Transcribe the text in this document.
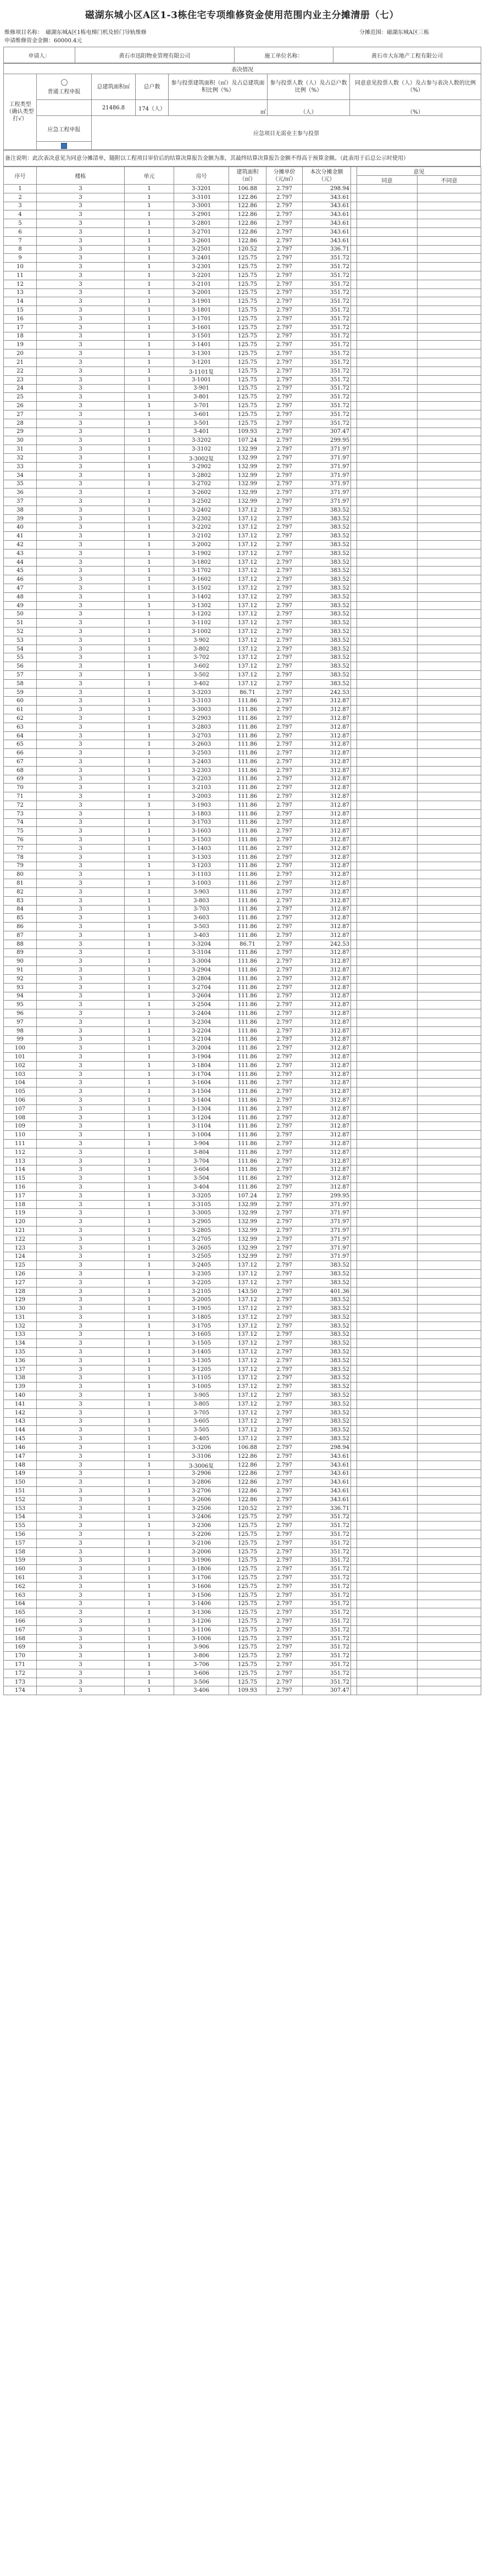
磁湖东城小区A区1-3栋住宅专项维修资金使用范围内业主分摊清册（七）
维修项目名称：　磁湖东城A区1栋电梯门机及轿门导轨维修	分摊范围：磁湖东城A区三栋
申请维修资金金额：60000.4元
申请人：	黄石市迅阳物业管理有限公司	施工单位名称：	黄石市大东地产工程有限公司
表决情况						
工程类型（确认类型打√）	普通工程申报	总建筑面积㎡	总户数	参与投票建筑面积（㎡）及占总建筑面积比例（%）	参与投票人数（人）及占总户数比例（%）	同意意见投票人数（人）及占参与表决人数的比例（%）
		21486.8	174（人）	㎡	（人）	（%）
	应急工程申报	应急项目无需业主参与投票				

备注说明：此次表决意见为同意分摊清单，随附以工程项目审价后的结算决算报告金额为准，其最终结算决算报告金额不得高于预算金额。（此表用于后总公示时使用）
序号	楼栋	单元	房号	建筑面积（㎡）	分摊单价（元/㎡）	本次分摊金额（元）		意见	
								同意	不同意
1	3	1	3-3201	106.88	2.797	298.94			
2	3	1	3-3101	122.86	2.797	343.61			
3	3	1	3-3001	122.86	2.797	343.61			
4	3	1	3-2901	122.86	2.797	343.61			
5	3	1	3-2801	122.86	2.797	343.61			
6	3	1	3-2701	122.86	2.797	343.61			
7	3	1	3-2601	122.86	2.797	343.61			
8	3	1	3-2501	120.52	2.797	336.71			
9	3	1	3-2401	125.75	2.797	351.72			
10	3	1	3-2301	125.75	2.797	351.72			
11	3	1	3-2201	125.75	2.797	351.72			
12	3	1	3-2101	125.75	2.797	351.72			
13	3	1	3-2001	125.75	2.797	351.72			
14	3	1	3-1901	125.75	2.797	351.72			
15	3	1	3-1801	125.75	2.797	351.72			
16	3	1	3-1701	125.75	2.797	351.72			
17	3	1	3-1601	125.75	2.797	351.72			
18	3	1	3-1501	125.75	2.797	351.72			
19	3	1	3-1401	125.75	2.797	351.72			
20	3	1	3-1301	125.75	2.797	351.72			
21	3	1	3-1201	125.75	2.797	351.72			
22	3	1	3-1101复	125.75	2.797	351.72			
23	3	1	3-1001	125.75	2.797	351.72			
24	3	1	3-901	125.75	2.797	351.72			
25	3	1	3-801	125.75	2.797	351.72			
26	3	1	3-701	125.75	2.797	351.72			
27	3	1	3-601	125.75	2.797	351.72			
28	3	1	3-501	125.75	2.797	351.72			
29	3	1	3-401	109.93	2.797	307.47			
30	3	1	3-3202	107.24	2.797	299.95			
31	3	1	3-3102	132.99	2.797	371.97			
32	3	1	3-3002复	132.99	2.797	371.97			
33	3	1	3-2902	132.99	2.797	371.97			
34	3	1	3-2802	132.99	2.797	371.97			
35	3	1	3-2702	132.99	2.797	371.97			
36	3	1	3-2602	132.99	2.797	371.97			
37	3	1	3-2502	132.99	2.797	371.97			
38	3	1	3-2402	137.12	2.797	383.52			
39	3	1	3-2302	137.12	2.797	383.52			
40	3	1	3-2202	137.12	2.797	383.52			
41	3	1	3-2102	137.12	2.797	383.52			
42	3	1	3-2002	137.12	2.797	383.52			
43	3	1	3-1902	137.12	2.797	383.52			
44	3	1	3-1802	137.12	2.797	383.52			
45	3	1	3-1702	137.12	2.797	383.52			
46	3	1	3-1602	137.12	2.797	383.52			
47	3	1	3-1502	137.12	2.797	383.52			
48	3	1	3-1402	137.12	2.797	383.52			
49	3	1	3-1302	137.12	2.797	383.52			
50	3	1	3-1202	137.12	2.797	383.52			
51	3	1	3-1102	137.12	2.797	383.52			
52	3	1	3-1002	137.12	2.797	383.52			
53	3	1	3-902	137.12	2.797	383.52			
54	3	1	3-802	137.12	2.797	383.52			
55	3	1	3-702	137.12	2.797	383.52			
56	3	1	3-602	137.12	2.797	383.52			
57	3	1	3-502	137.12	2.797	383.52			
58	3	1	3-402	137.12	2.797	383.52			
59	3	1	3-3203	86.71	2.797	242.53			
60	3	1	3-3103	111.86	2.797	312.87			
61	3	1	3-3003	111.86	2.797	312.87			
62	3	1	3-2903	111.86	2.797	312.87			
63	3	1	3-2803	111.86	2.797	312.87			
64	3	1	3-2703	111.86	2.797	312.87			
65	3	1	3-2603	111.86	2.797	312.87			
66	3	1	3-2503	111.86	2.797	312.87			
67	3	1	3-2403	111.86	2.797	312.87			
68	3	1	3-2303	111.86	2.797	312.87			
69	3	1	3-2203	111.86	2.797	312.87			
70	3	1	3-2103	111.86	2.797	312.87			
71	3	1	3-2003	111.86	2.797	312.87			
72	3	1	3-1903	111.86	2.797	312.87			
73	3	1	3-1803	111.86	2.797	312.87			
74	3	1	3-1703	111.86	2.797	312.87			
75	3	1	3-1603	111.86	2.797	312.87			
76	3	1	3-1503	111.86	2.797	312.87			
77	3	1	3-1403	111.86	2.797	312.87			
78	3	1	3-1303	111.86	2.797	312.87			
79	3	1	3-1203	111.86	2.797	312.87			
80	3	1	3-1103	111.86	2.797	312.87			
81	3	1	3-1003	111.86	2.797	312.87			
82	3	1	3-903	111.86	2.797	312.87			
83	3	1	3-803	111.86	2.797	312.87			
84	3	1	3-703	111.86	2.797	312.87			
85	3	1	3-603	111.86	2.797	312.87			
86	3	1	3-503	111.86	2.797	312.87			
87	3	1	3-403	111.86	2.797	312.87			
88	3	1	3-3204	86.71	2.797	242.53			
89	3	1	3-3104	111.86	2.797	312.87			
90	3	1	3-3004	111.86	2.797	312.87			
91	3	1	3-2904	111.86	2.797	312.87			
92	3	1	3-2804	111.86	2.797	312.87			
93	3	1	3-2704	111.86	2.797	312.87			
94	3	1	3-2604	111.86	2.797	312.87			
95	3	1	3-2504	111.86	2.797	312.87			
96	3	1	3-2404	111.86	2.797	312.87			
97	3	1	3-2304	111.86	2.797	312.87			
98	3	1	3-2204	111.86	2.797	312.87			
99	3	1	3-2104	111.86	2.797	312.87			
100	3	1	3-2004	111.86	2.797	312.87			
101	3	1	3-1904	111.86	2.797	312.87			
102	3	1	3-1804	111.86	2.797	312.87			
103	3	1	3-1704	111.86	2.797	312.87			
104	3	1	3-1604	111.86	2.797	312.87			
105	3	1	3-1504	111.86	2.797	312.87			
106	3	1	3-1404	111.86	2.797	312.87			
107	3	1	3-1304	111.86	2.797	312.87			
108	3	1	3-1204	111.86	2.797	312.87			
109	3	1	3-1104	111.86	2.797	312.87			
110	3	1	3-1004	111.86	2.797	312.87			
111	3	1	3-904	111.86	2.797	312.87			
112	3	1	3-804	111.86	2.797	312.87			
113	3	1	3-704	111.86	2.797	312.87			
114	3	1	3-604	111.86	2.797	312.87			
115	3	1	3-504	111.86	2.797	312.87			
116	3	1	3-404	111.86	2.797	312.87			
117	3	1	3-3205	107.24	2.797	299.95			
118	3	1	3-3105	132.99	2.797	371.97			
119	3	1	3-3005	132.99	2.797	371.97			
120	3	1	3-2905	132.99	2.797	371.97			
121	3	1	3-2805	132.99	2.797	371.97			
122	3	1	3-2705	132.99	2.797	371.97			
123	3	1	3-2605	132.99	2.797	371.97			
124	3	1	3-2505	132.99	2.797	371.97			
125	3	1	3-2405	137.12	2.797	383.52			
126	3	1	3-2305	137.12	2.797	383.52			
127	3	1	3-2205	137.12	2.797	383.52			
128	3	1	3-2105	143.50	2.797	401.36			
129	3	1	3-2005	137.12	2.797	383.52			
130	3	1	3-1905	137.12	2.797	383.52			
131	3	1	3-1805	137.12	2.797	383.52			
132	3	1	3-1705	137.12	2.797	383.52			
133	3	1	3-1605	137.12	2.797	383.52			
134	3	1	3-1505	137.12	2.797	383.52			
135	3	1	3-1405	137.12	2.797	383.52			
136	3	1	3-1305	137.12	2.797	383.52			
137	3	1	3-1205	137.12	2.797	383.52			
138	3	1	3-1105	137.12	2.797	383.52			
139	3	1	3-1005	137.12	2.797	383.52			
140	3	1	3-905	137.12	2.797	383.52			
141	3	1	3-805	137.12	2.797	383.52			
142	3	1	3-705	137.12	2.797	383.52			
143	3	1	3-605	137.12	2.797	383.52			
144	3	1	3-505	137.12	2.797	383.52			
145	3	1	3-405	137.12	2.797	383.52			
146	3	1	3-3206	106.88	2.797	298.94			
147	3	1	3-3106	122.86	2.797	343.61			
148	3	1	3-3006复	122.86	2.797	343.61			
149	3	1	3-2906	122.86	2.797	343.61			
150	3	1	3-2806	122.86	2.797	343.61			
151	3	1	3-2706	122.86	2.797	343.61			
152	3	1	3-2606	122.86	2.797	343.61			
153	3	1	3-2506	120.52	2.797	336.71			
154	3	1	3-2406	125.75	2.797	351.72			
155	3	1	3-2306	125.75	2.797	351.72			
156	3	1	3-2206	125.75	2.797	351.72			
157	3	1	3-2106	125.75	2.797	351.72			
158	3	1	3-2006	125.75	2.797	351.72			
159	3	1	3-1906	125.75	2.797	351.72			
160	3	1	3-1806	125.75	2.797	351.72			
161	3	1	3-1706	125.75	2.797	351.72			
162	3	1	3-1606	125.75	2.797	351.72			
163	3	1	3-1506	125.75	2.797	351.72			
164	3	1	3-1406	125.75	2.797	351.72			
165	3	1	3-1306	125.75	2.797	351.72			
166	3	1	3-1206	125.75	2.797	351.72			
167	3	1	3-1106	125.75	2.797	351.72			
168	3	1	3-1006	125.75	2.797	351.72			
169	3	1	3-906	125.75	2.797	351.72			
170	3	1	3-806	125.75	2.797	351.72			
171	3	1	3-706	125.75	2.797	351.72			
172	3	1	3-606	125.75	2.797	351.72			
173	3	1	3-506	125.75	2.797	351.72			
174	3	1	3-406	109.93	2.797	307.47			
